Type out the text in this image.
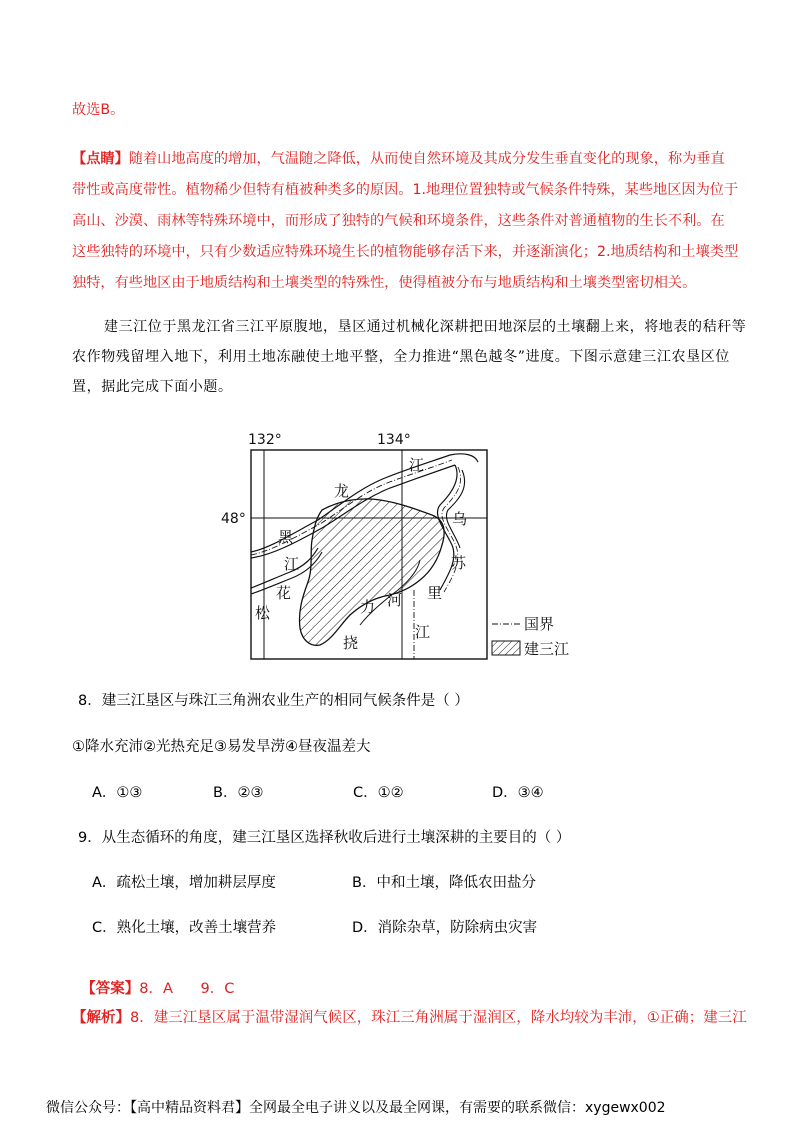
故选B。
【点睛】随着山地高度的增加，气温随之降低，从而使自然环境及其成分发生垂直变化的现象，称为垂直
带性或高度带性。植物稀少但特有植被种类多的原因。1.地理位置独特或气候条件特殊，某些地区因为位于
高山、沙漠、雨林等特殊环境中，而形成了独特的气候和环境条件，这些条件对普通植物的生长不利。在
这些独特的环境中，只有少数适应特殊环境生长的植物能够存活下来，并逐渐演化；2.地质结构和土壤类型
独特，有些地区由于地质结构和土壤类型的特殊性，使得植被分布与地质结构和土壤类型密切相关。
建三江位于黑龙江省三江平原腹地，垦区通过机械化深耕把田地深层的土壤翻上来，将地表的秸秆等
农作物残留埋入地下，利用土地冻融使土地平整，全力推进“黑色越冬”进度。下图示意建三江农垦区位
置，据此完成下面小题。
132°	134°
48°
龙
江
黑
江
花
松
乌
苏
里
江
力 河
挠
国界
建三江
8．建三江垦区与珠江三角洲农业生产的相同气候条件是（ ）
①降水充沛②光热充足③易发旱涝④昼夜温差大
A．①③	B．②③	C．①②	D．③④
9．从生态循环的角度，建三江垦区选择秋收后进行土壤深耕的主要目的（ ）
A．疏松土壤，增加耕层厚度	B．中和土壤，降低农田盐分
C．熟化土壤，改善土壤营养	D．消除杂草，防除病虫灾害

【答案】8．A      9．C

【解析】8．建三江垦区属于温带湿润气候区，珠江三角洲属于湿润区，降水均较为丰沛，①正确；建三江
微信公众号：【高中精品资料君】全网最全电子讲义以及最全网课，有需要的联系微信：xygewx002
